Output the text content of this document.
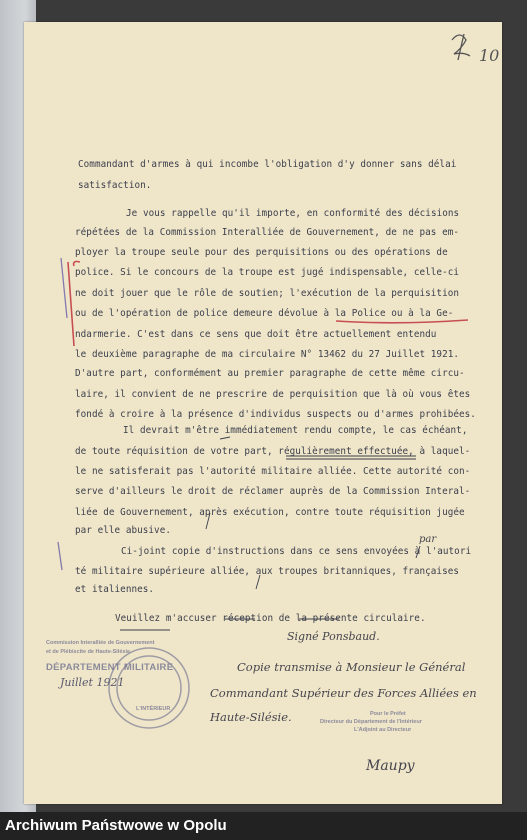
10
Commandant d'armes à qui incombe l'obligation d'y donner sans délai
satisfaction.
Je vous rappelle qu'il importe, en conformité des décisions
répétées de la Commission Interalliée de Gouvernement, de ne pas em-
ployer la troupe seule pour des perquisitions ou des opérations de
police. Si le concours de la troupe est jugé indispensable, celle-ci
ne doit jouer que le rôle de soutien; l'exécution de la perquisition
ou de l'opération de police demeure dévolue à la Police ou à la Ge-
ndarmerie. C'est dans ce sens que doit être actuellement entendu
le deuxième paragraphe de ma circulaire N° 13462 du 27 Juillet 1921.
D'autre part, conformément au premier paragraphe de cette même circu-
laire, il convient de ne prescrire de perquisition que là où vous êtes
fondé à croire à la présence d'individus suspects ou d'armes prohibées.
Il devrait m'être immédiatement rendu compte, le cas échéant,
de toute réquisition de votre part, régulièrement effectuée, à laquel-
le ne satisferait pas l'autorité militaire alliée. Cette autorité con-
serve d'ailleurs le droit de réclamer auprès de la Commission Interal-
liée de Gouvernement, après exécution, contre toute réquisition jugée
par elle abusive.
par
Ci-joint copie d'instructions dans ce sens envoyées à l'autori
té militaire supérieure alliée, aux troupes britanniques, françaises
et italiennes.
Veuillez m'accuser réception de la présente circulaire.
Signé Ponsbaud.
Copie transmise à Monsieur le Général
Commandant Supérieur des Forces Alliées en
Haute-Silésie.
Maupy
Commission Interalliée de Gouvernement
et de Plébiscite de Haute-Silésie
DÉPARTEMENT MILITAIRE
Juillet 1921
L'INTÉRIEUR
Pour le Préfet
Directeur du Département de l'Intérieur
L'Adjoint au Directeur
Archiwum Państwowe w Opolu
